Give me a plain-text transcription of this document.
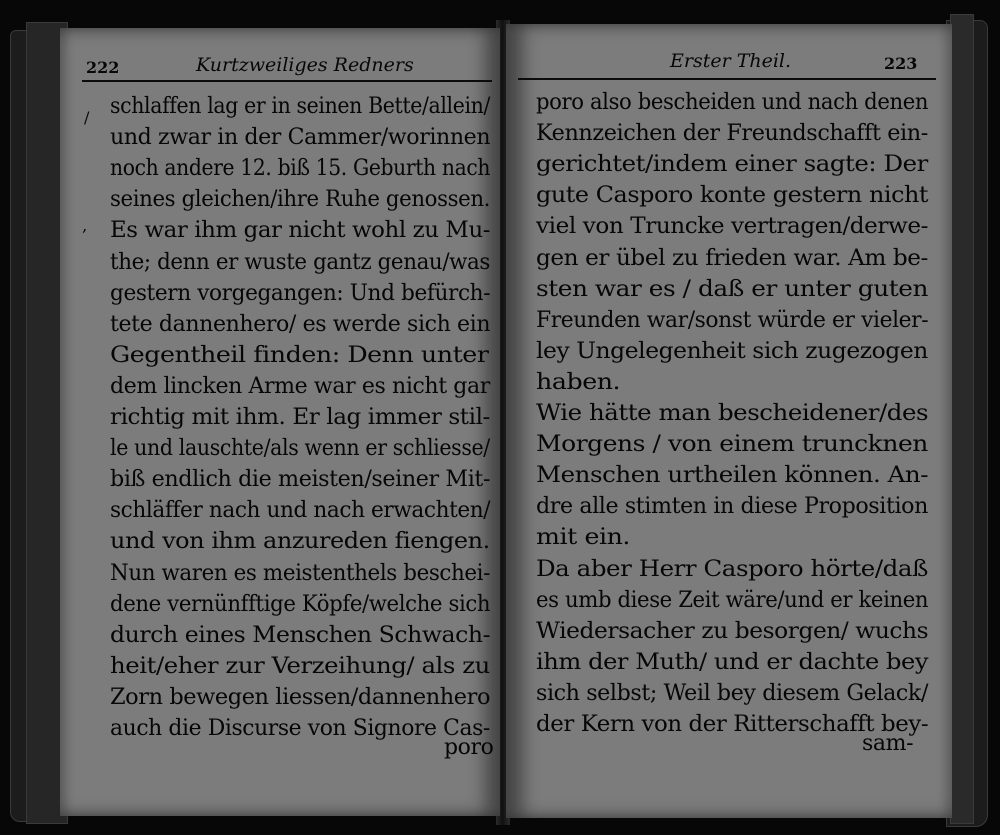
222	Kurtzweiliges Redners
/
‚
schlaffen lag er in seinen Bette/allein/
und zwar in der Cammer/worinnen
noch andere 12. biß 15. Geburth nach
seines gleichen/ihre Ruhe genossen.
Es war ihm gar nicht wohl zu Mu-
the; denn er wuste gantz genau/was
gestern vorgegangen: Und befürch-
tete dannenhero/ es werde sich ein
Gegentheil finden: Denn unter
dem lincken Arme war es nicht gar
richtig mit ihm. Er lag immer stil-
le und lauschte/als wenn er schliesse/
biß endlich die meisten/seiner Mit-
schläffer nach und nach erwachten/
und von ihm anzureden fiengen.
Nun waren es meistenthels beschei-
dene vernünfftige Köpfe/welche sich
durch eines Menschen Schwach-
heit/eher zur Verzeihung/ als zu
Zorn bewegen liessen/dannenhero
auch die Discurse von Signore Cas-
poro
Erster Theil.	223
poro also bescheiden und nach denen
Kennzeichen der Freundschafft ein-
gerichtet/indem einer sagte: Der
gute Casporo konte gestern nicht
viel von Truncke vertragen/derwe-
gen er übel zu frieden war. Am be-
sten war es / daß er unter guten
Freunden war/sonst würde er vieler-
ley Ungelegenheit sich zugezogen
haben.
Wie hätte man bescheidener/des
Morgens / von einem truncknen
Menschen urtheilen können. An-
dre alle stimten in diese Proposition
mit ein.
Da aber Herr Casporo hörte/daß
es umb diese Zeit wäre/und er keinen
Wiedersacher zu besorgen/ wuchs
ihm der Muth/ und er dachte bey
sich selbst; Weil bey diesem Gelack/
der Kern von der Ritterschafft bey-
sam-
